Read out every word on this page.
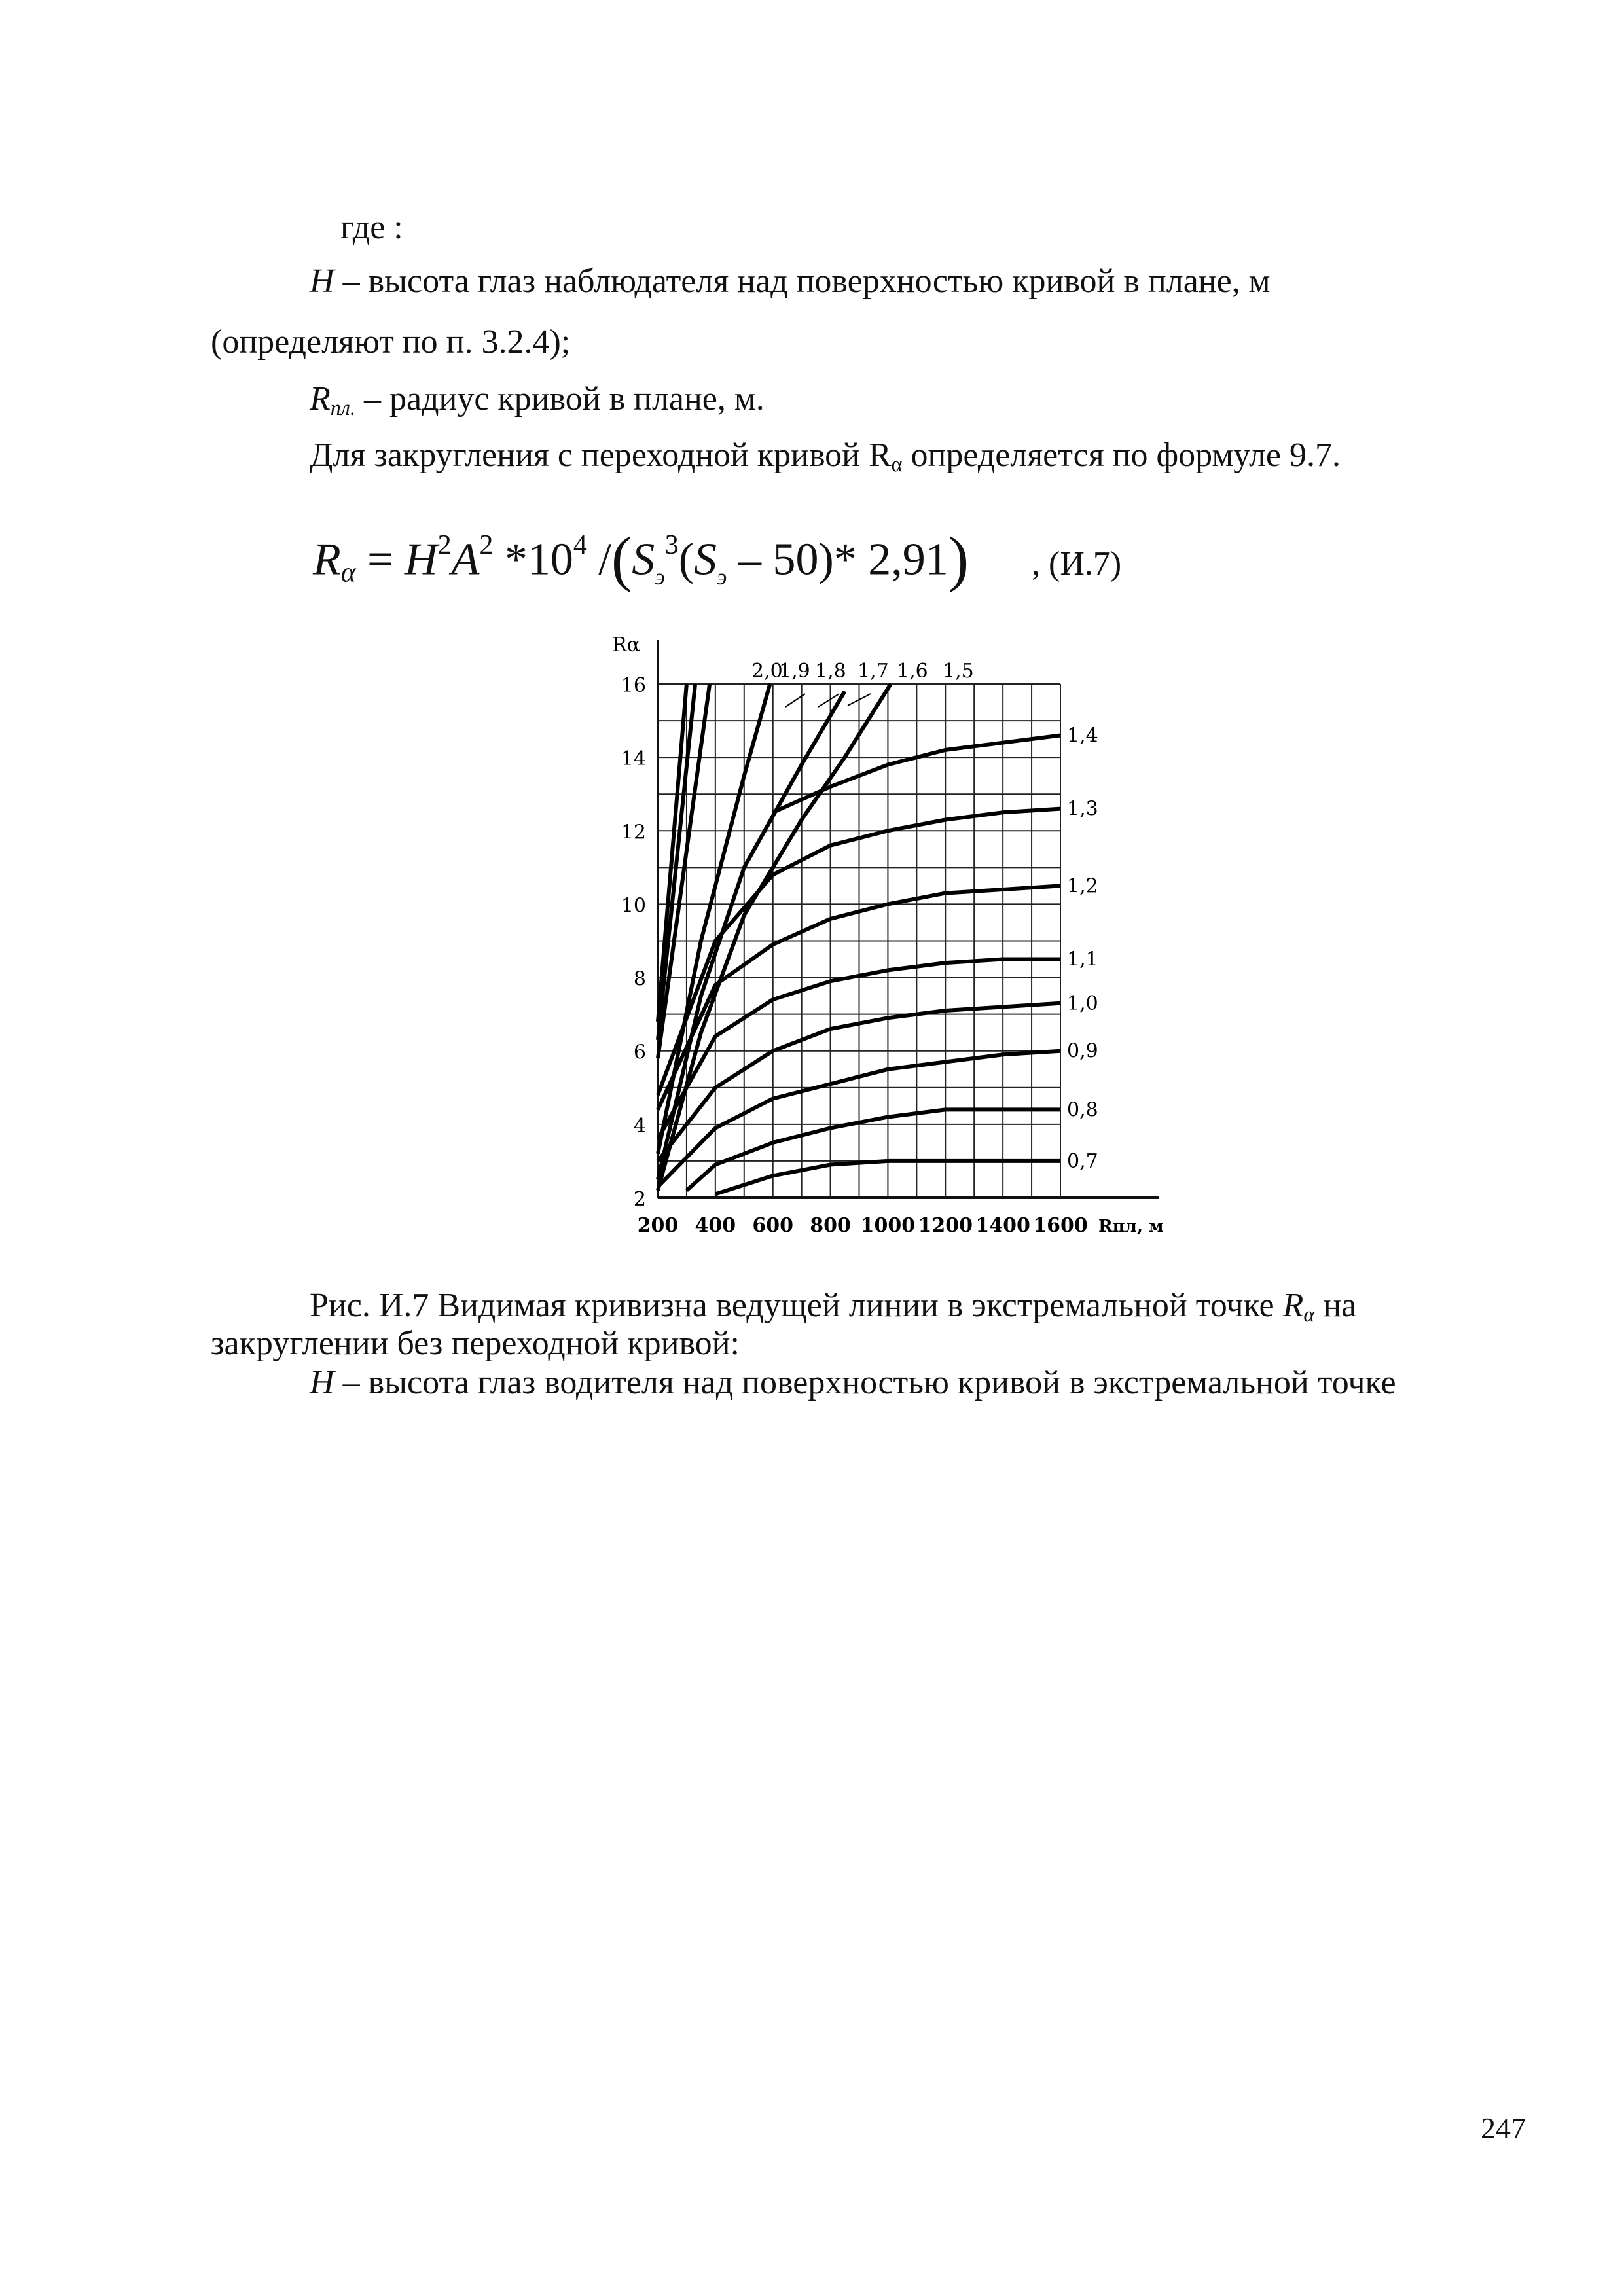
где :
H – высота глаз наблюдателя над поверхностью кривой в плане, м
(определяют по п. 3.2.4);
$R_{пл.}$ – радиус кривой в плане, м.
Для закругления с переходной кривой $R_\alpha$ определяется по формуле 9.7.
$R_\alpha = H^2A^2$ $*10^4$ $/(S_э^3(S_э - 50)*$ 2,91) , (И.7)
Rα
Rпл, м
2
4
6
8
10
12
14
16
200 400 600 800 1000 1200 1400 1600
1,4
1,3
1,2
1,1
1,0
0,9
0,8
0,7
2,0
1,9 1,8 1,7 1,6 1,5
Рис. И.7 Видимая кривизна ведущей линии в экстремальной точке $R_\alpha$ на
закруглении без переходной кривой:
H – высота глаз водителя над поверхностью кривой в экстремальной точке
247
